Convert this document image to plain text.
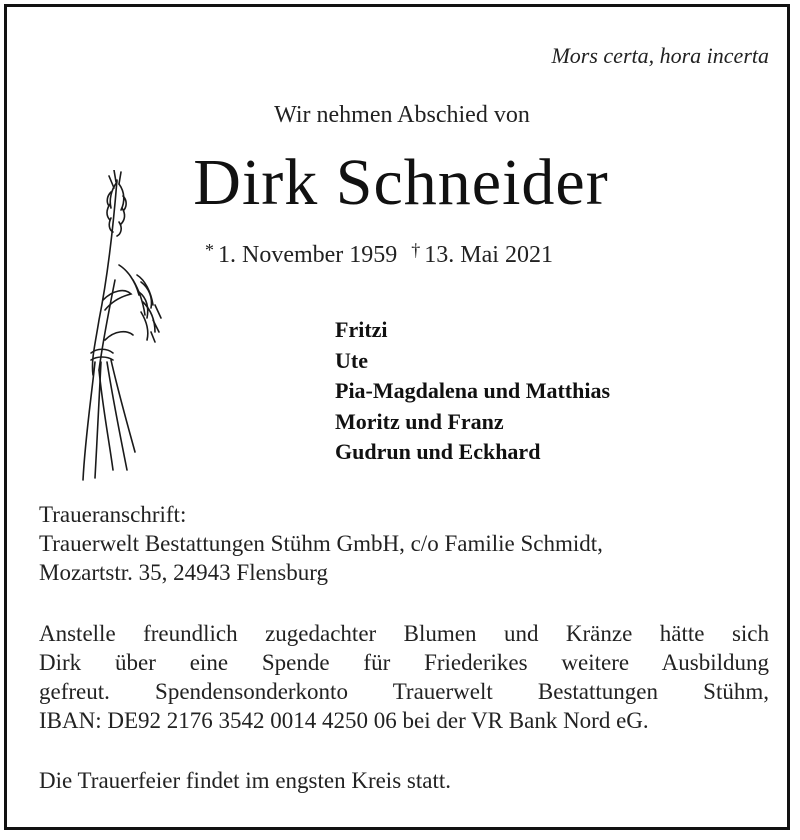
Mors certa, hora incerta
Wir nehmen Abschied von
Dirk Schneider
* 1. November 1959 † 13. Mai 2021
Fritzi
Ute
Pia-Magdalena und Matthias
Moritz und Franz
Gudrun und Eckhard
Traueranschrift:
Trauerwelt Bestattungen Stühm GmbH, c/o Familie Schmidt,
Mozartstr. 35, 24943 Flensburg
Anstelle freundlich zugedachter Blumen und Kränze hätte sich
Dirk über eine Spende für Friederikes weitere Ausbildung
gefreut. Spendensonderkonto Trauerwelt Bestattungen Stühm,
IBAN: DE92 2176 3542 0014 4250 06 bei der VR Bank Nord eG.
Die Trauerfeier findet im engsten Kreis statt.
